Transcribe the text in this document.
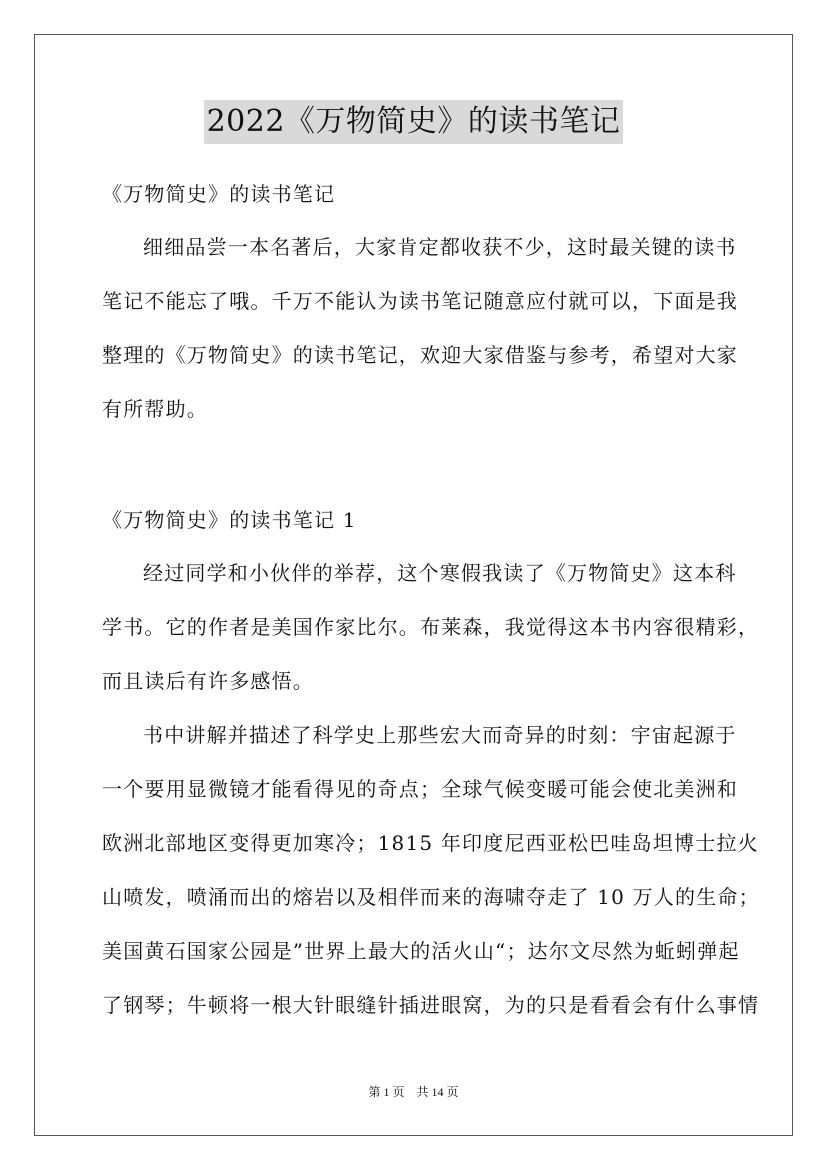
2022《万物简史》的读书笔记
《万物简史》的读书笔记
细细品尝一本名著后，大家肯定都收获不少，这时最关键的读书
笔记不能忘了哦。千万不能认为读书笔记随意应付就可以，下面是我
整理的《万物简史》的读书笔记，欢迎大家借鉴与参考，希望对大家
有所帮助。
《万物简史》的读书笔记 1
经过同学和小伙伴的举荐，这个寒假我读了《万物简史》这本科
学书。它的作者是美国作家比尔。布莱森，我觉得这本书内容很精彩，
而且读后有许多感悟。
书中讲解并描述了科学史上那些宏大而奇异的时刻：宇宙起源于
一个要用显微镜才能看得见的奇点；全球气候变暖可能会使北美洲和
欧洲北部地区变得更加寒冷；1815 年印度尼西亚松巴哇岛坦博士拉火
山喷发，喷涌而出的熔岩以及相伴而来的海啸夺走了 10 万人的生命；
美国黄石国家公园是”世界上最大的活火山“；达尔文尽然为蚯蚓弹起
了钢琴；牛顿将一根大针眼缝针插进眼窝，为的只是看看会有什么事情
第 1 页　共 14 页
